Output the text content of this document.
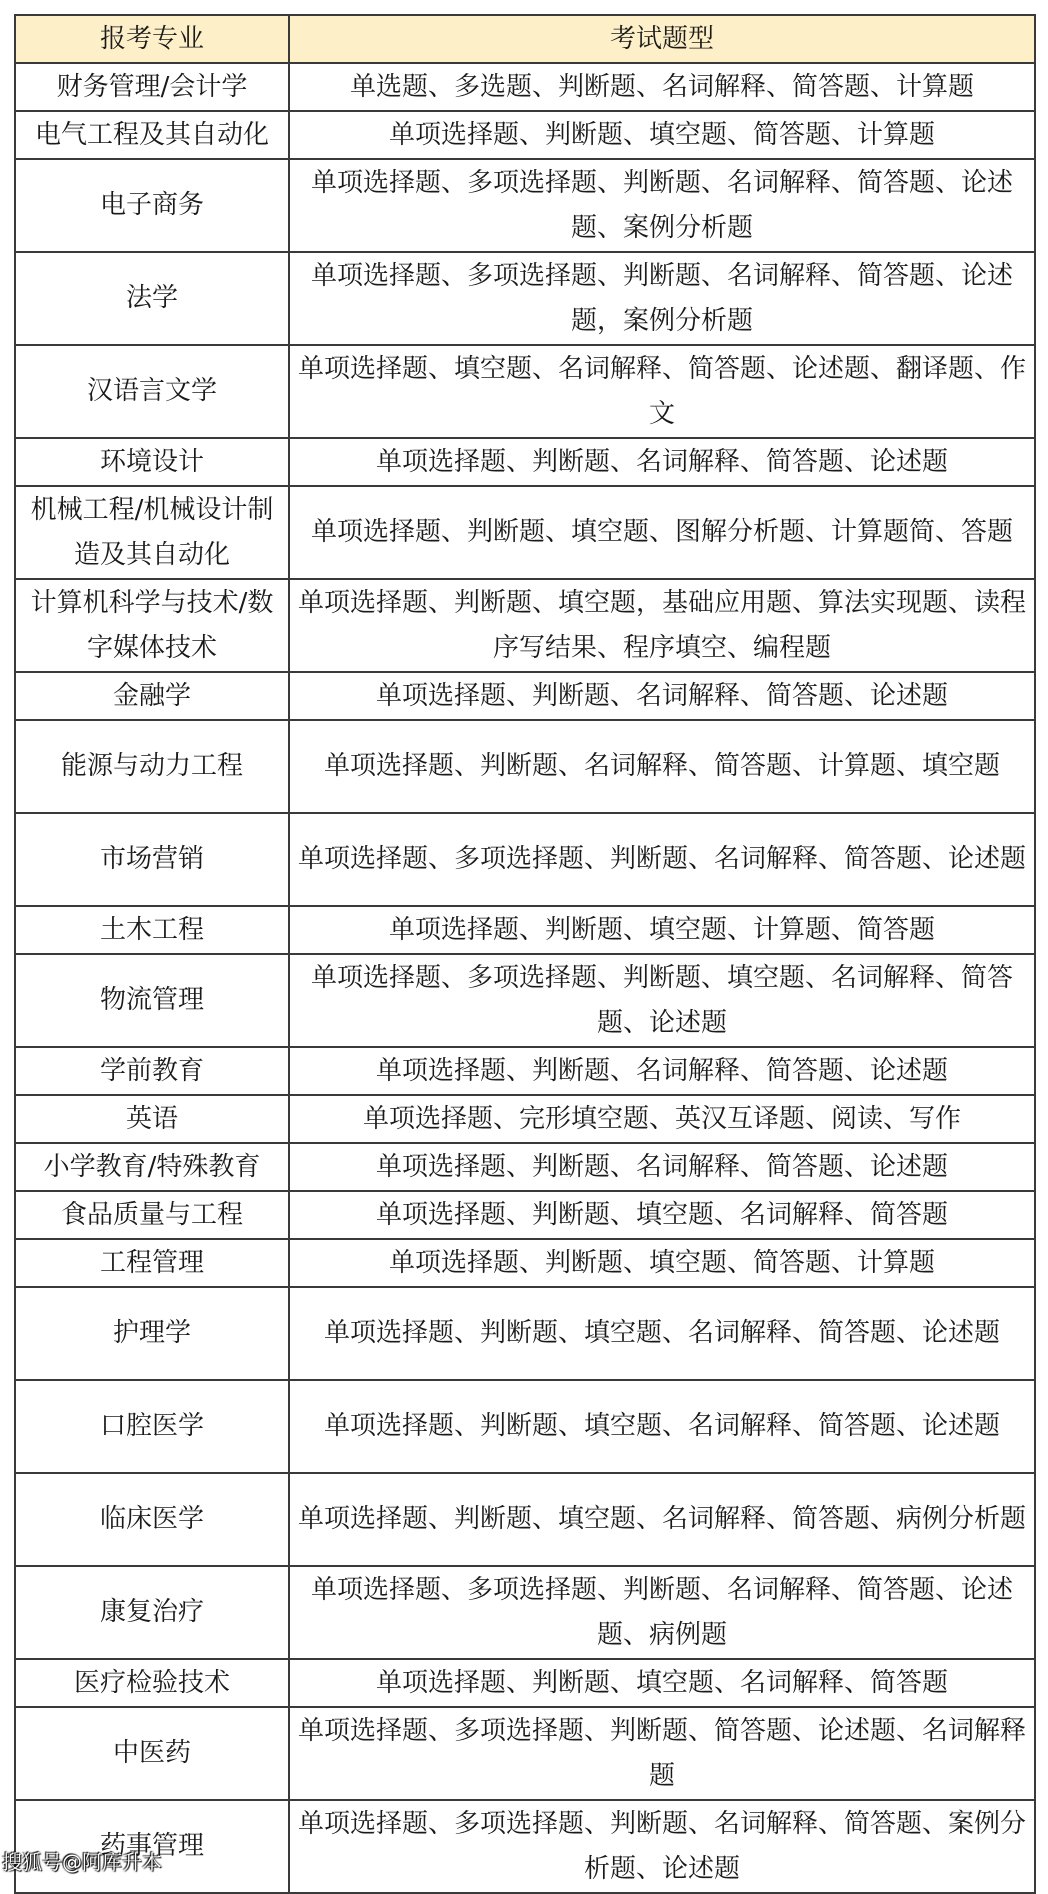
报考专业	考试题型
财务管理/会计学	单选题、多选题、判断题、名词解释、简答题、计算题
电气工程及其自动化	单项选择题、判断题、填空题、简答题、计算题
电子商务	单项选择题、多项选择题、判断题、名词解释、简答题、论述题、案例分析题
法学	单项选择题、多项选择题、判断题、名词解释、简答题、论述题，案例分析题
汉语言文学	单项选择题、填空题、名词解释、简答题、论述题、翻译题、作文
环境设计	单项选择题、判断题、名词解释、简答题、论述题
机械工程/机械设计制造及其自动化	单项选择题、判断题、填空题、图解分析题、计算题简、答题
计算机科学与技术/数字媒体技术	单项选择题、判断题、填空题，基础应用题、算法实现题、读程序写结果、程序填空、编程题
金融学	单项选择题、判断题、名词解释、简答题、论述题
能源与动力工程	单项选择题、判断题、名词解释、简答题、计算题、填空题
市场营销	单项选择题、多项选择题、判断题、名词解释、简答题、论述题
土木工程	单项选择题、判断题、填空题、计算题、简答题
物流管理	单项选择题、多项选择题、判断题、填空题、名词解释、简答题、论述题
学前教育	单项选择题、判断题、名词解释、简答题、论述题
英语	单项选择题、完形填空题、英汉互译题、阅读、写作
小学教育/特殊教育	单项选择题、判断题、名词解释、简答题、论述题
食品质量与工程	单项选择题、判断题、填空题、名词解释、简答题
工程管理	单项选择题、判断题、填空题、简答题、计算题
护理学	单项选择题、判断题、填空题、名词解释、简答题、论述题
口腔医学	单项选择题、判断题、填空题、名词解释、简答题、论述题
临床医学	单项选择题、判断题、填空题、名词解释、简答题、病例分析题
康复治疗	单项选择题、多项选择题、判断题、名词解释、简答题、论述题、病例题
医疗检验技术	单项选择题、判断题、填空题、名词解释、简答题
中医药	单项选择题、多项选择题、判断题、简答题、论述题、名词解释题
药事管理	单项选择题、多项选择题、判断题、名词解释、简答题、案例分析题、论述题
搜狐号@阿库升本
